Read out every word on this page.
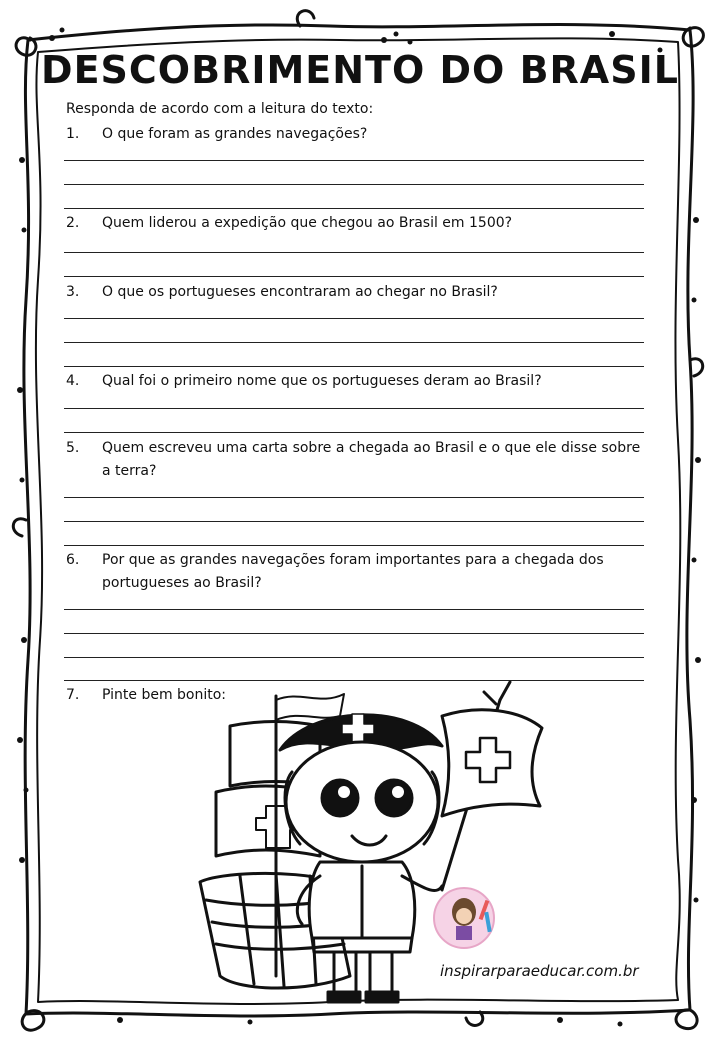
DESCOBRIMENTO DO BRASIL
Responda de acordo com a leitura do texto:
1.	O que foram as grandes navegações?
2.	Quem liderou a expedição que chegou ao Brasil em 1500?
3.	O que os portugueses encontraram ao chegar no Brasil?
4.	Qual foi o primeiro nome que os portugueses deram ao Brasil?
5.	Quem escreveu uma carta sobre a chegada ao Brasil e o que ele disse sobre a terra?
6.	Por que as grandes navegações foram importantes para a chegada dos portugueses ao Brasil?
7.	Pinte bem bonito:
inspirarparaeducar.com.br
